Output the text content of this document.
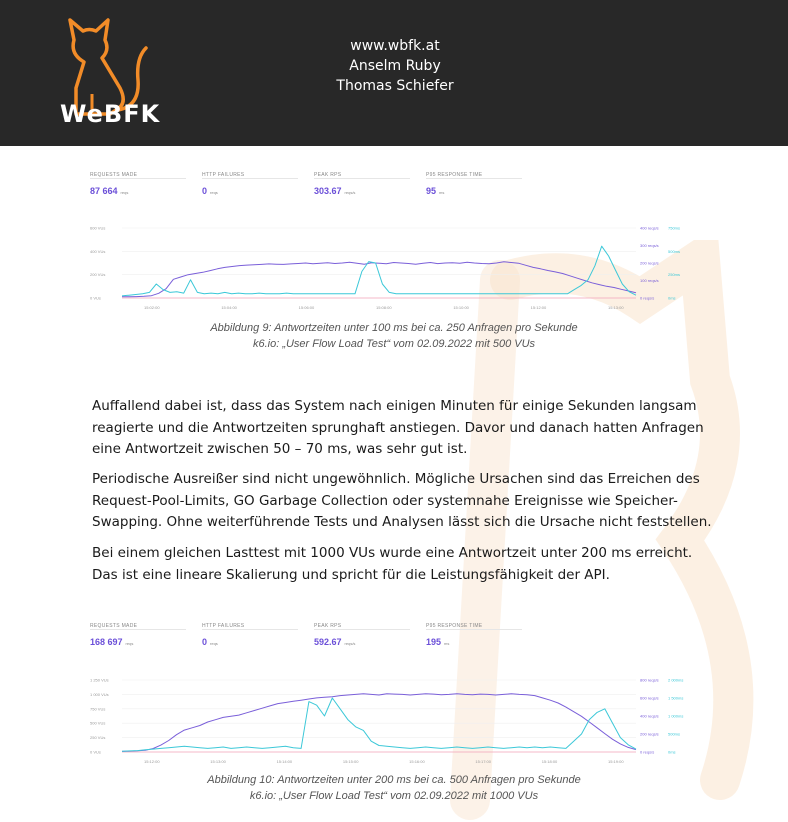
WeBFK
www.wbfk.at
Anselm Ruby
Thomas Schiefer
REQUESTS MADE
87 664 reqs
HTTP FAILURES
0 reqs
PEAK RPS
303.67 reqs/s
P95 RESPONSE TIME
95 ms
600 VUs
400 VUs
200 VUs
0 VUs
400 reqs/s
300 reqs/s
200 reqs/s
100 reqs/s
0 reqs/s
750ms
500ms
250ms
0ms
15:02:00	15:04:00	15:06:00	15:08:00	15:10:00	15:12:00	15:13:00
Abbildung 9: Antwortzeiten unter 100 ms bei ca. 250 Anfragen pro Sekunde
k6.io: „User Flow Load Test“ vom 02.09.2022 mit 500 VUs

Auffallend dabei ist, dass das System nach einigen Minuten für einige Sekunden langsam reagierte und die Antwortzeiten sprunghaft anstiegen. Davor und danach hatten Anfragen eine Antwortzeit zwischen 50 – 70 ms, was sehr gut ist.

Periodische Ausreißer sind nicht ungewöhnlich. Mögliche Ursachen sind das Erreichen des Request-Pool-Limits, GO Garbage Collection oder systemnahe Ereignisse wie Speicher-Swapping. Ohne weiterführende Tests und Analysen lässt sich die Ursache nicht feststellen.

Bei einem gleichen Lasttest mit 1000 VUs wurde eine Antwortzeit unter 200 ms erreicht. Das ist eine lineare Skalierung und spricht für die Leistungsfähigkeit der API.

REQUESTS MADE
168 697 reqs
HTTP FAILURES
0 reqs
PEAK RPS
592.67 reqs/s
P95 RESPONSE TIME
195 ms
1 250 VUs
1 000 VUs
750 VUs
500 VUs
250 VUs
0 VUs
800 reqs/s
600 reqs/s
400 reqs/s
200 reqs/s
0 reqs/s
2 000ms
1 500ms
1 000ms
500ms
0ms
15:12:00	15:13:00	15:14:00	15:15:00	15:16:00	15:17:00	15:18:00	15:19:00
Abbildung 10: Antwortzeiten unter 200 ms bei ca. 500 Anfragen pro Sekunde
k6.io: „User Flow Load Test“ vom 02.09.2022 mit 1000 VUs
